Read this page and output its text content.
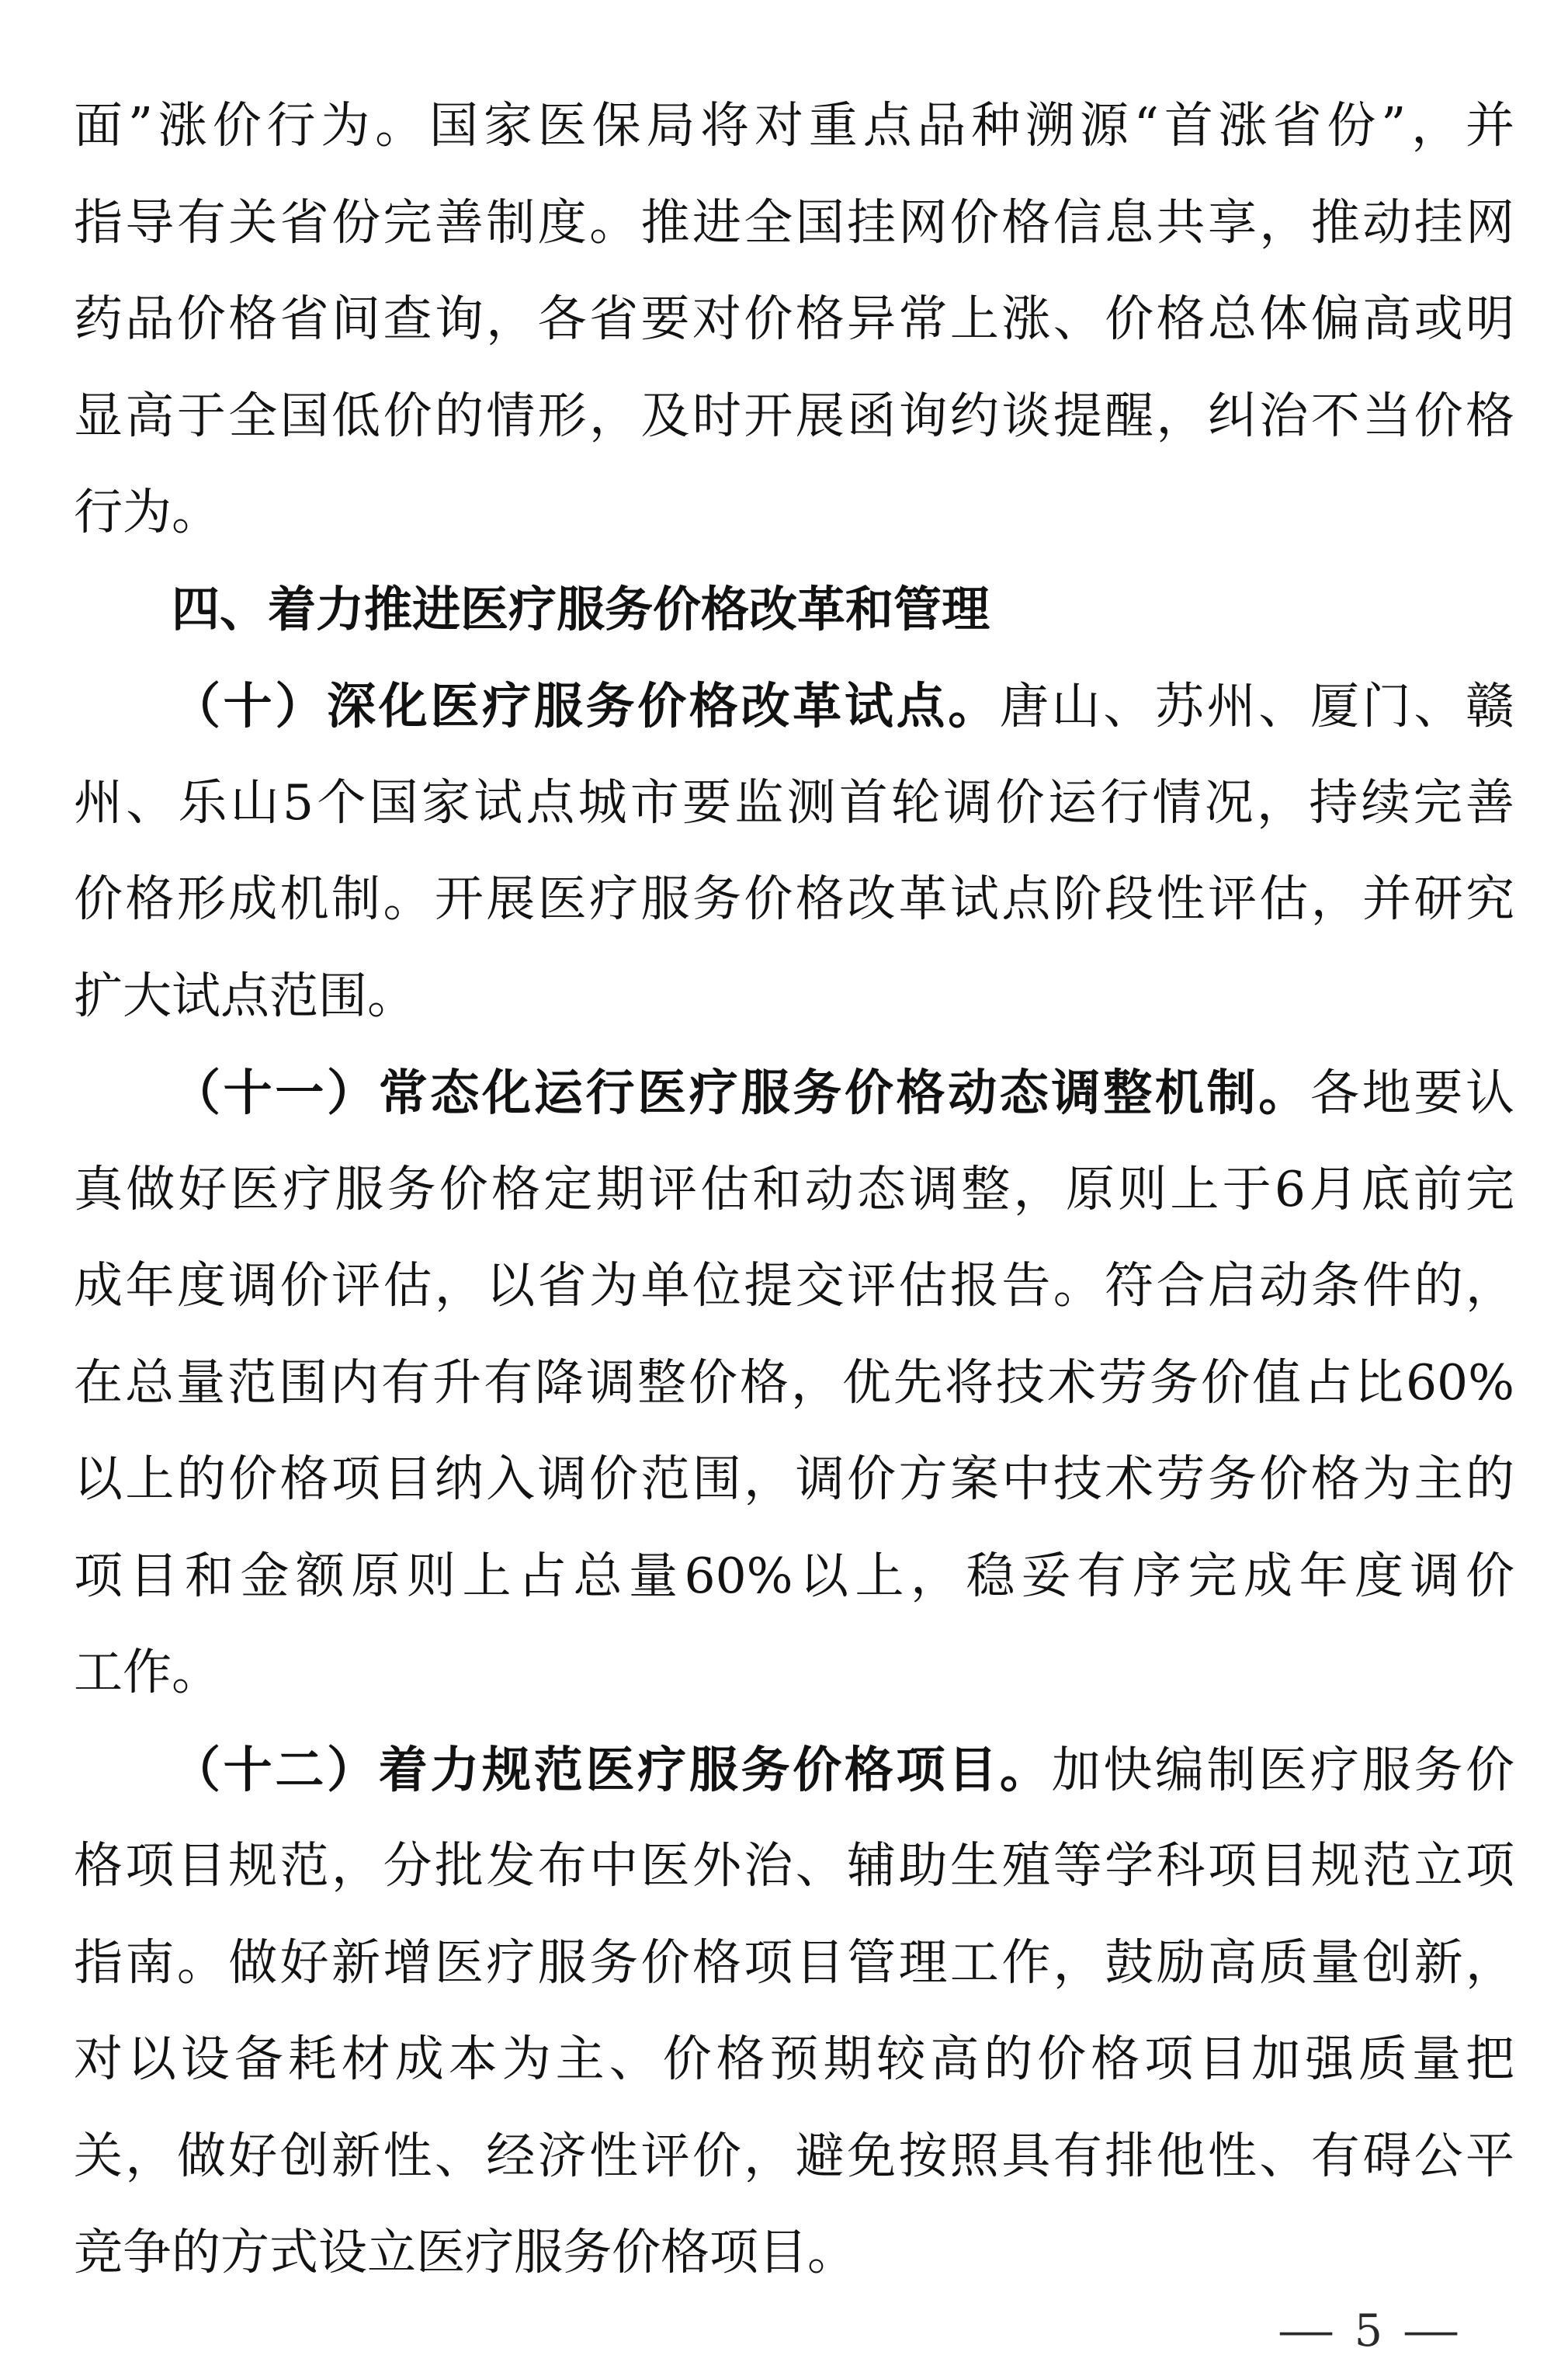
面”涨价行为。国家医保局将对重点品种溯源“首涨省份”，并
指导有关省份完善制度。推进全国挂网价格信息共享，推动挂网
药品价格省间查询，各省要对价格异常上涨、价格总体偏高或明
显高于全国低价的情形，及时开展函询约谈提醒，纠治不当价格
行为。
四、着力推进医疗服务价格改革和管理
（十）深化医疗服务价格改革试点。唐山、苏州、厦门、赣
州、乐山5个国家试点城市要监测首轮调价运行情况，持续完善
价格形成机制。开展医疗服务价格改革试点阶段性评估，并研究
扩大试点范围。
（十一）常态化运行医疗服务价格动态调整机制。各地要认
真做好医疗服务价格定期评估和动态调整，原则上于6月底前完
成年度调价评估，以省为单位提交评估报告。符合启动条件的，
在总量范围内有升有降调整价格，优先将技术劳务价值占比60%
以上的价格项目纳入调价范围，调价方案中技术劳务价格为主的
项目和金额原则上占总量60%以上，稳妥有序完成年度调价
工作。
（十二）着力规范医疗服务价格项目。加快编制医疗服务价
格项目规范，分批发布中医外治、辅助生殖等学科项目规范立项
指南。做好新增医疗服务价格项目管理工作，鼓励高质量创新，
对以设备耗材成本为主、价格预期较高的价格项目加强质量把
关，做好创新性、经济性评价，避免按照具有排他性、有碍公平
竞争的方式设立医疗服务价格项目。
— 5 —
